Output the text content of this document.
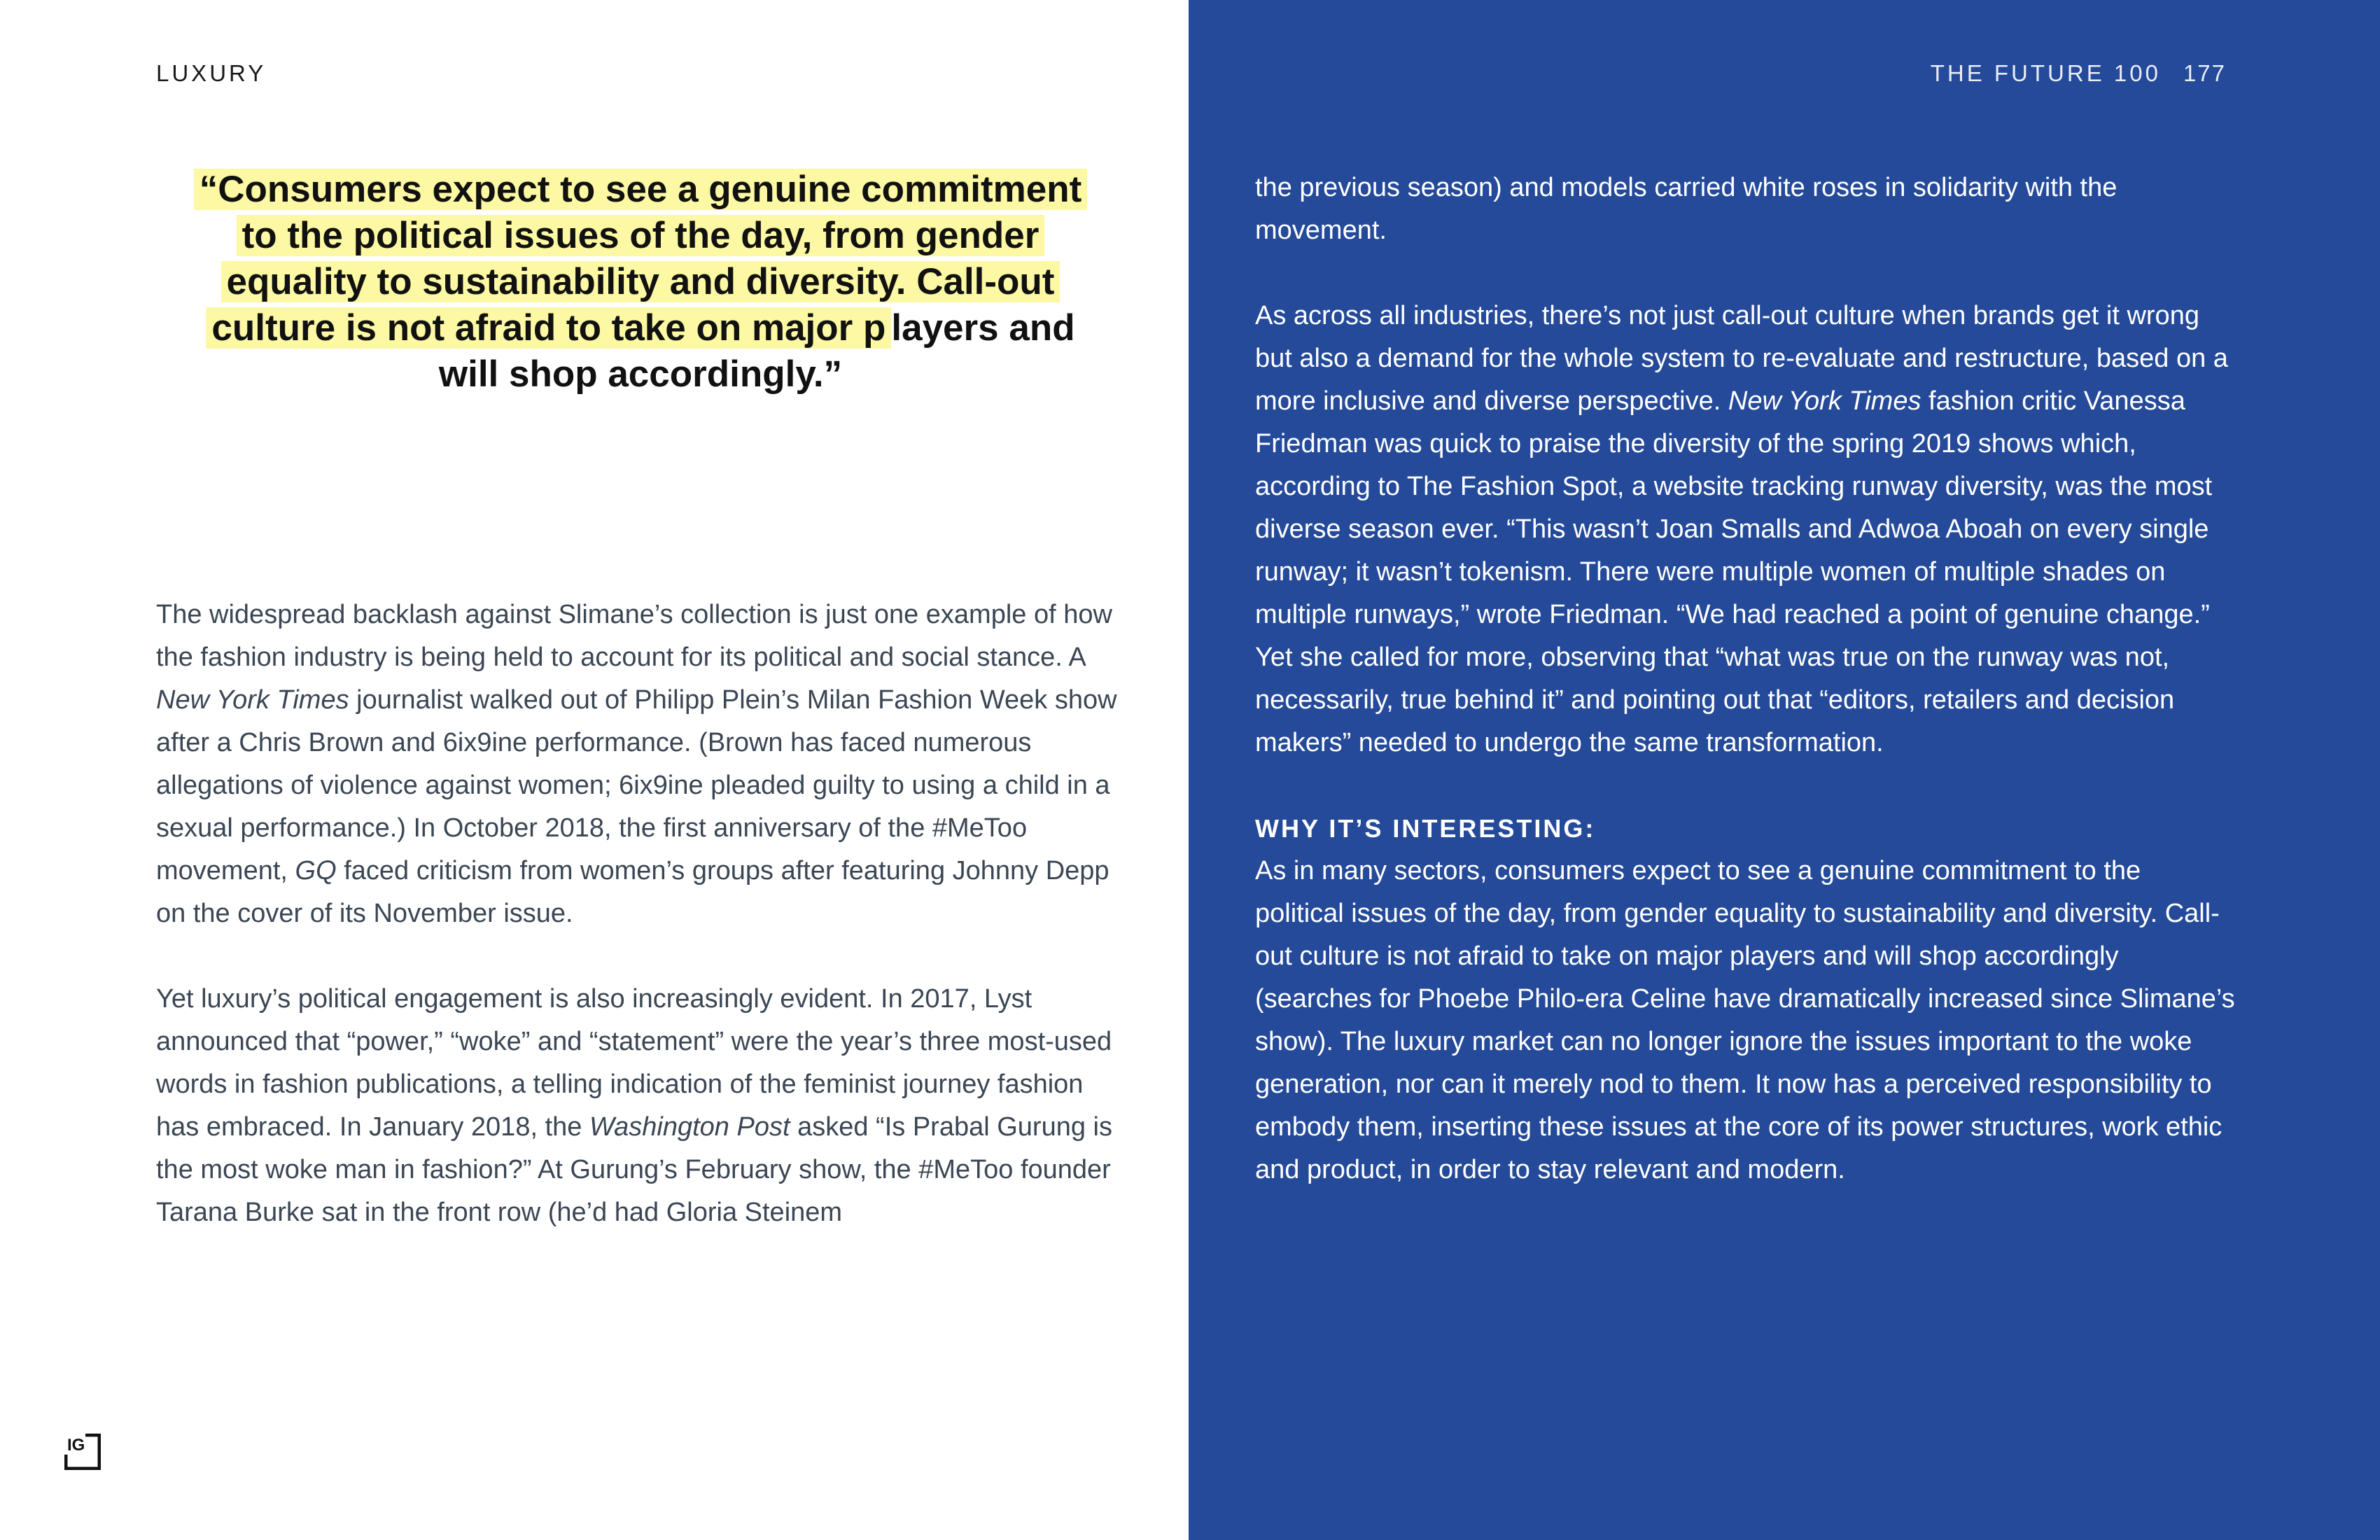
LUXURY	THE FUTURE 100 177
“Consumers expect to see a genuine commitment to the political issues of the day, from gender equality to sustainability and diversity. Call-out culture is not afraid to take on major p layers and will shop accordingly.”

The widespread backlash against Slimane’s collection is just one example of how the fashion industry is being held to account for its political and social stance. A New York Times journalist walked out of Philipp Plein’s Milan Fashion Week show after a Chris Brown and 6ix9ine performance. (Brown has faced numerous allegations of violence against women; 6ix9ine pleaded guilty to using a child in a sexual performance.) In October 2018, the first anniversary of the #MeToo movement, GQ faced criticism from women’s groups after featuring Johnny Depp on the cover of its November issue.

Yet luxury’s political engagement is also increasingly evident. In 2017, Lyst announced that “power,” “woke” and “statement” were the year’s three most-used words in fashion publications, a telling indication of the feminist journey fashion has embraced. In January 2018, the Washington Post asked “Is Prabal Gurung is the most woke man in fashion?” At Gurung’s February show, the #MeToo founder Tarana Burke sat in the front row (he’d had Gloria Steinem

the previous season) and models carried white roses in solidarity with the movement.

As across all industries, there’s not just call-out culture when brands get it wrong but also a demand for the whole system to re-evaluate and restructure, based on a more inclusive and diverse perspective. New York Times fashion critic Vanessa Friedman was quick to praise the diversity of the spring 2019 shows which, according to The Fashion Spot, a website tracking runway diversity, was the most diverse season ever. “This wasn’t Joan Smalls and Adwoa Aboah on every single runway; it wasn’t tokenism. There were multiple women of multiple shades on multiple runways,” wrote Friedman. “We had reached a point of genuine change.” Yet she called for more, observing that “what was true on the runway was not, necessarily, true behind it” and pointing out that “editors, retailers and decision makers” needed to undergo the same transformation.

WHY IT’S INTERESTING:

As in many sectors, consumers expect to see a genuine commitment to the political issues of the day, from gender equality to sustainability and diversity. Call-out culture is not afraid to take on major players and will shop accordingly (searches for Phoebe Philo-era Celine have dramatically increased since Slimane’s show). The luxury market can no longer ignore the issues important to the woke generation, nor can it merely nod to them. It now has a perceived responsibility to embody them, inserting these issues at the core of its power structures, work ethic and product, in order to stay relevant and modern.

IG
